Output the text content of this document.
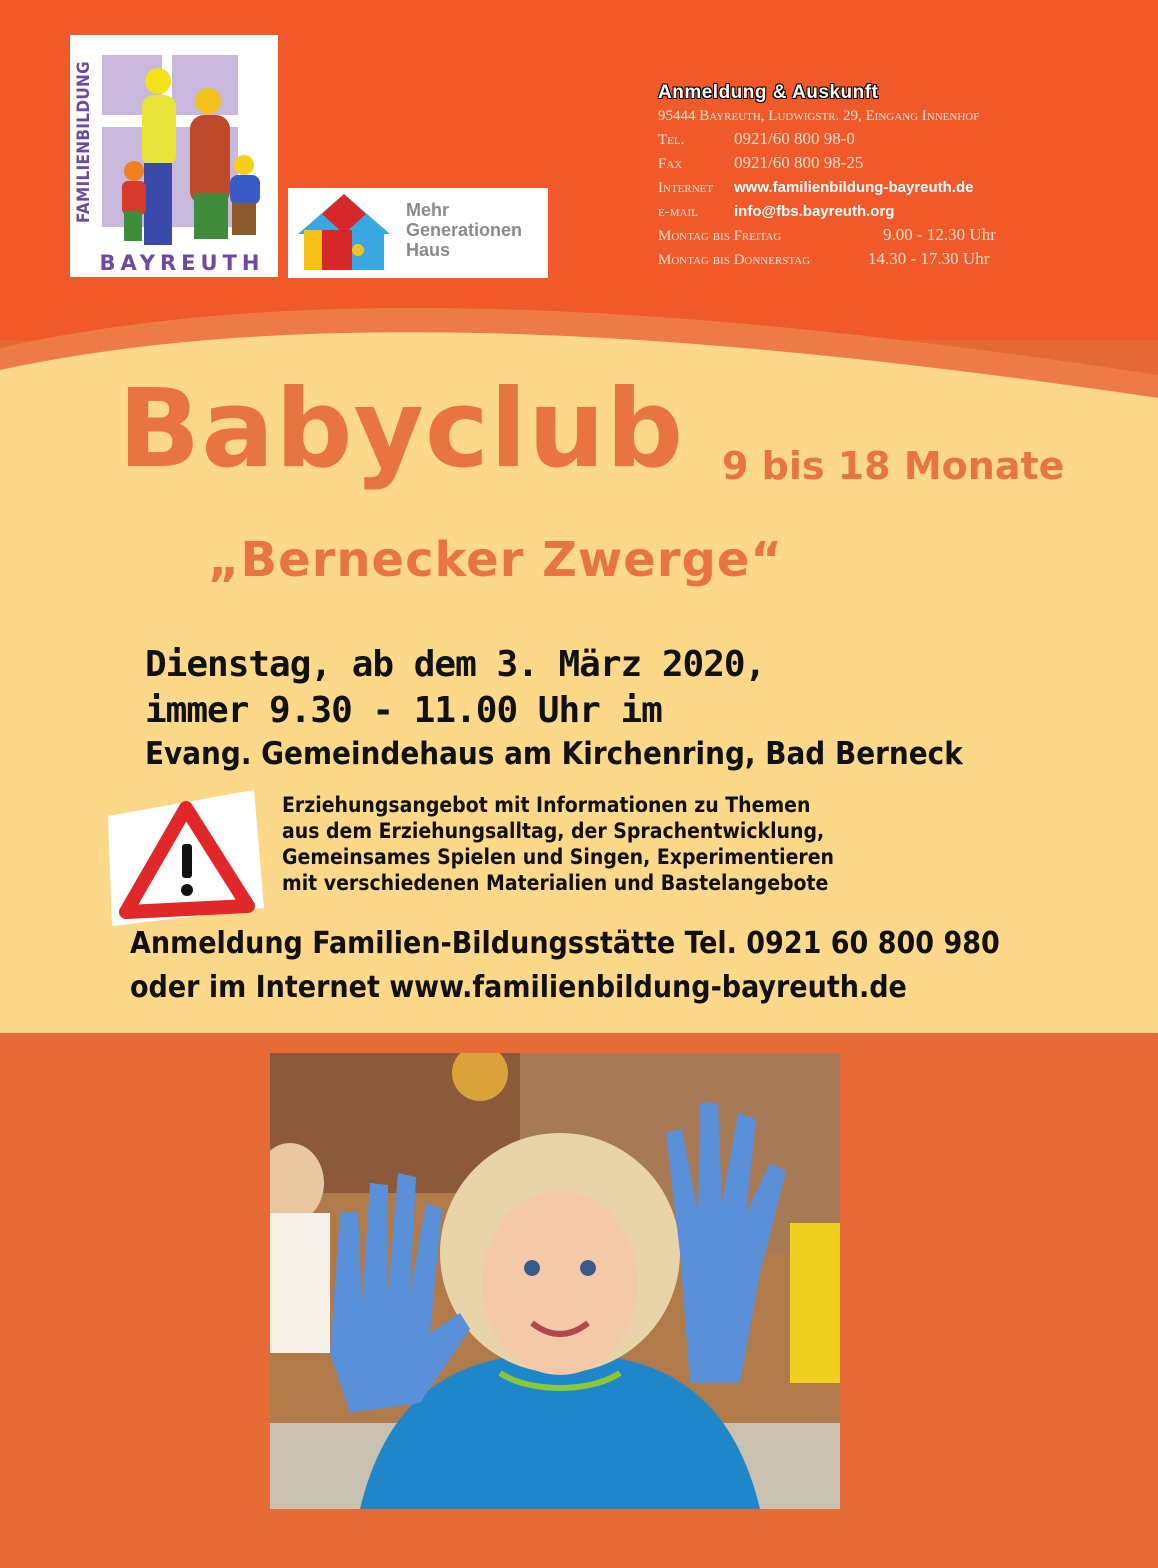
FAMILIENBILDUNG
BAYREUTH
Mehr
Generationen
Haus
Anmeldung & Auskunft
95444 Bayreuth, Ludwigstr. 29, Eingang Innenhof
Tel.	0921/60 800 98-0
Fax	0921/60 800 98-25
Internet www.familienbildung-bayreuth.de
e-mail info@fbs.bayreuth.org
Montag bis Freitag	9.00 - 12.30 Uhr
Montag bis Donnerstag	14.30 - 17.30 Uhr
Babyclub 9 bis 18 Monate
„Bernecker Zwerge“
Dienstag, ab dem 3. März 2020,
immer 9.30 - 11.00 Uhr im
Evang. Gemeindehaus am Kirchenring, Bad Berneck
Erziehungsangebot mit Informationen zu Themen
aus dem Erziehungsalltag, der Sprachentwicklung,
Gemeinsames Spielen und Singen, Experimentieren
mit verschiedenen Materialien und Bastelangebote
Anmeldung Familien-Bildungsstätte Tel. 0921 60 800 980
oder im Internet www.familienbildung-bayreuth.de
